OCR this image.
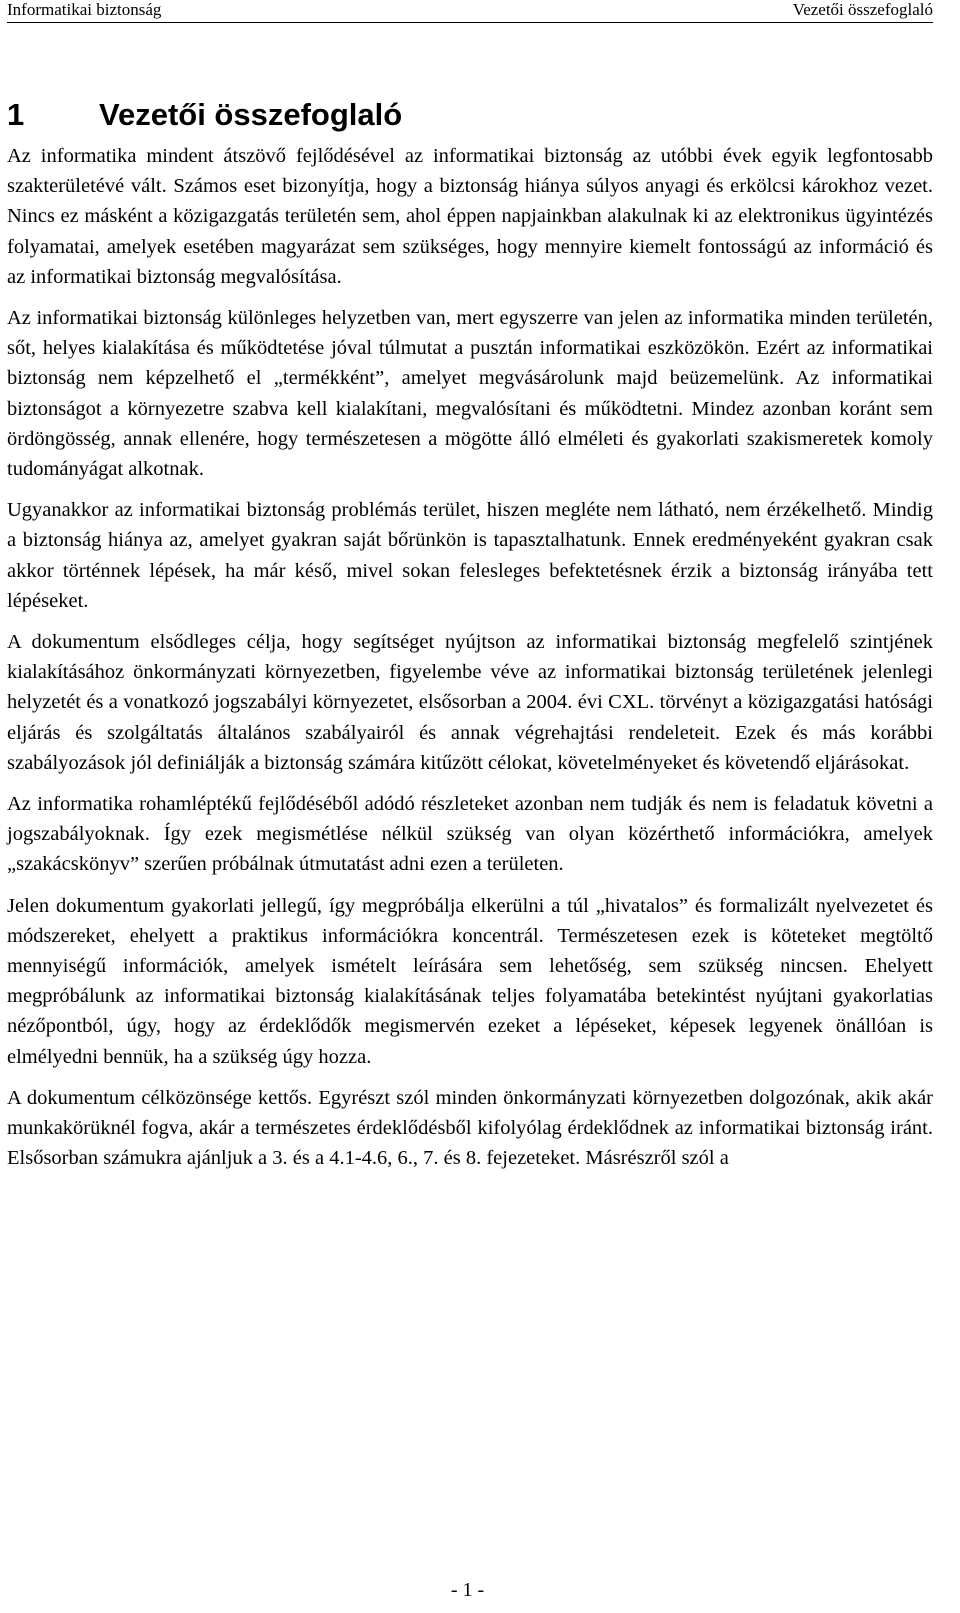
Informatikai biztonság	Vezetői összefoglaló
1 Vezetői összefoglaló

Az informatika mindent átszövő fejlődésével az informatikai biztonság az utóbbi évek egyik legfontosabb szakterületévé vált. Számos eset bizonyítja, hogy a biztonság hiánya súlyos anyagi és erkölcsi károkhoz vezet. Nincs ez másként a közigazgatás területén sem, ahol éppen napjainkban alakulnak ki az elektronikus ügyintézés folyamatai, amelyek esetében magyarázat sem szükséges, hogy mennyire kiemelt fontosságú az információ és az informatikai biztonság megvalósítása.

Az informatikai biztonság különleges helyzetben van, mert egyszerre van jelen az informatika minden területén, sőt, helyes kialakítása és működtetése jóval túlmutat a pusztán informatikai eszközökön. Ezért az informatikai biztonság nem képzelhető el „termékként”, amelyet megvásárolunk majd beüzemelünk. Az informatikai biztonságot a környezetre szabva kell kialakítani, megvalósítani és működtetni. Mindez azonban koránt sem ördöngösség, annak ellenére, hogy természetesen a mögötte álló elméleti és gyakorlati szakismeretek komoly tudományágat alkotnak.

Ugyanakkor az informatikai biztonság problémás terület, hiszen megléte nem látható, nem érzékelhető. Mindig a biztonság hiánya az, amelyet gyakran saját bőrünkön is tapasztalhatunk. Ennek eredményeként gyakran csak akkor történnek lépések, ha már késő, mivel sokan felesleges befektetésnek érzik a biztonság irányába tett lépéseket.

A dokumentum elsődleges célja, hogy segítséget nyújtson az informatikai biztonság megfelelő szintjének kialakításához önkormányzati környezetben, figyelembe véve az informatikai biztonság területének jelenlegi helyzetét és a vonatkozó jogszabályi környezetet, elsősorban a 2004. évi CXL. törvényt a közigazgatási hatósági eljárás és szolgáltatás általános szabályairól és annak végrehajtási rendeleteit. Ezek és más korábbi szabályozások jól definiálják a biztonság számára kitűzött célokat, követelményeket és követendő eljárásokat.

Az informatika rohamléptékű fejlődéséből adódó részleteket azonban nem tudják és nem is feladatuk követni a jogszabályoknak. Így ezek megismétlése nélkül szükség van olyan közérthető információkra, amelyek „szakácskönyv” szerűen próbálnak útmutatást adni ezen a területen.

Jelen dokumentum gyakorlati jellegű, így megpróbálja elkerülni a túl „hivatalos” és formalizált nyelvezetet és módszereket, ehelyett a praktikus információkra koncentrál. Természetesen ezek is köteteket megtöltő mennyiségű információk, amelyek ismételt leírására sem lehetőség, sem szükség nincsen. Ehelyett megpróbálunk az informatikai biztonság kialakításának teljes folyamatába betekintést nyújtani gyakorlatias nézőpontból, úgy, hogy az érdeklődők megismervén ezeket a lépéseket, képesek legyenek önállóan is elmélyedni bennük, ha a szükség úgy hozza.

A dokumentum célközönsége kettős. Egyrészt szól minden önkormányzati környezetben dolgozónak, akik akár munkakörüknél fogva, akár a természetes érdeklődésből kifolyólag érdeklődnek az informatikai biztonság iránt. Elsősorban számukra ajánljuk a 3. és a 4.1-4.6, 6., 7. és 8. fejezeteket. Másrészről szól a

- 1 -
